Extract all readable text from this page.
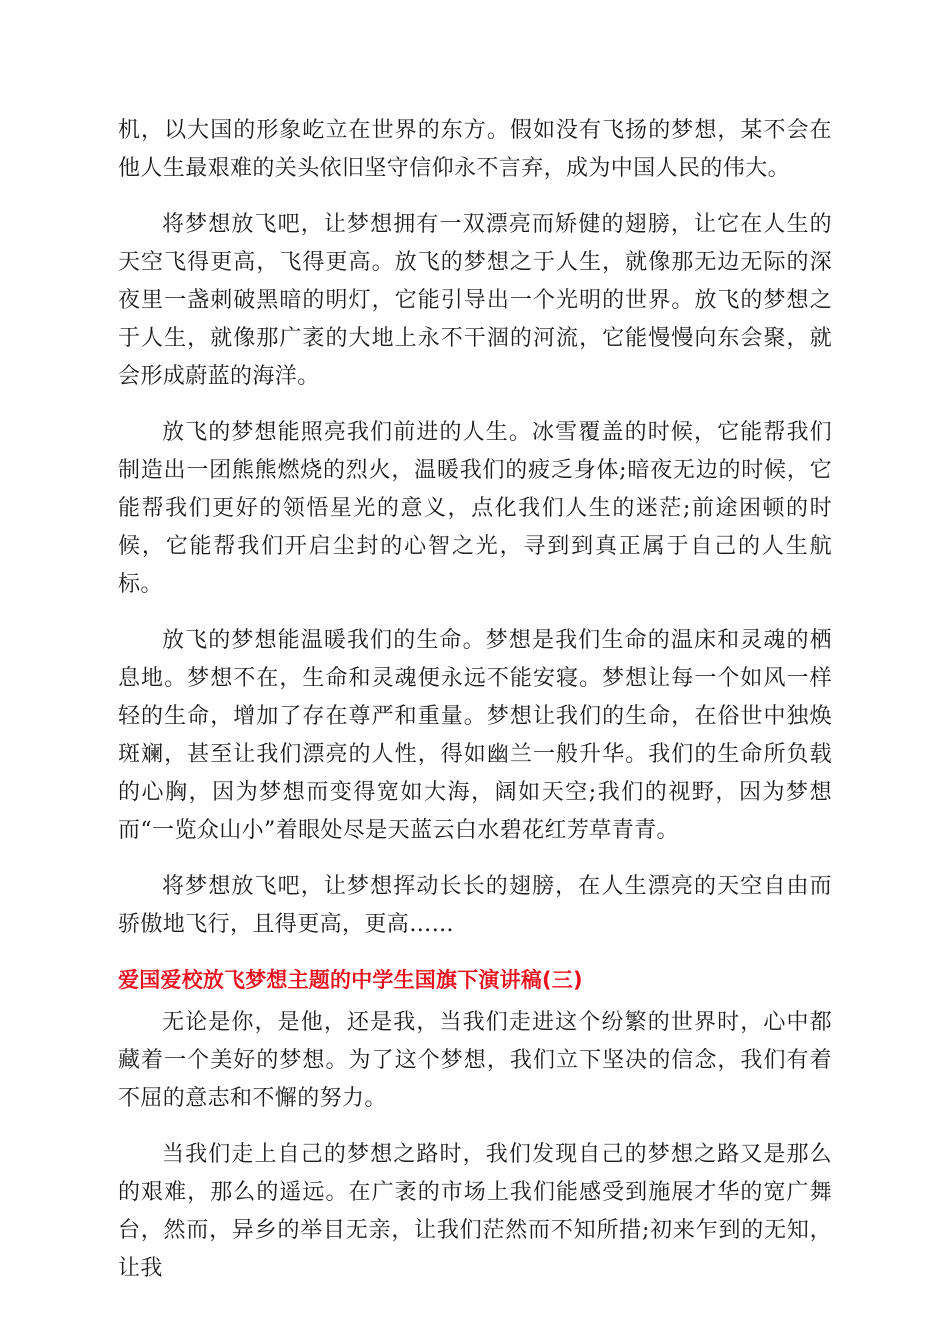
机，以大国的形象屹立在世界的东方。假如没有飞扬的梦想，某不会在他人生最艰难的关头依旧坚守信仰永不言弃，成为中国人民的伟大。

将梦想放飞吧，让梦想拥有一双漂亮而矫健的翅膀，让它在人生的天空飞得更高，飞得更高。放飞的梦想之于人生，就像那无边无际的深夜里一盏刺破黑暗的明灯，它能引导出一个光明的世界。放飞的梦想之于人生，就像那广袤的大地上永不干涸的河流，它能慢慢向东会聚，就会形成蔚蓝的海洋。

放飞的梦想能照亮我们前进的人生。冰雪覆盖的时候，它能帮我们制造出一团熊熊燃烧的烈火，温暖我们的疲乏身体;暗夜无边的时候，它能帮我们更好的领悟星光的意义，点化我们人生的迷茫;前途困顿的时候，它能帮我们开启尘封的心智之光，寻到到真正属于自己的人生航标。

放飞的梦想能温暖我们的生命。梦想是我们生命的温床和灵魂的栖息地。梦想不在，生命和灵魂便永远不能安寝。梦想让每一个如风一样轻的生命，增加了存在尊严和重量。梦想让我们的生命，在俗世中独焕斑斓，甚至让我们漂亮的人性，得如幽兰一般升华。我们的生命所负载的心胸，因为梦想而变得宽如大海，阔如天空;我们的视野，因为梦想而“一览众山小”着眼处尽是天蓝云白水碧花红芳草青青。

将梦想放飞吧，让梦想挥动长长的翅膀，在人生漂亮的天空自由而骄傲地飞行，且得更高，更高……

爱国爱校放飞梦想主题的中学生国旗下演讲稿(三)

无论是你，是他，还是我，当我们走进这个纷繁的世界时，心中都藏着一个美好的梦想。为了这个梦想，我们立下坚决的信念，我们有着不屈的意志和不懈的努力。

当我们走上自己的梦想之路时，我们发现自己的梦想之路又是那么的艰难，那么的遥远。在广袤的市场上我们能感受到施展才华的宽广舞台，然而，异乡的举目无亲，让我们茫然而不知所措;初来乍到的无知，让我
